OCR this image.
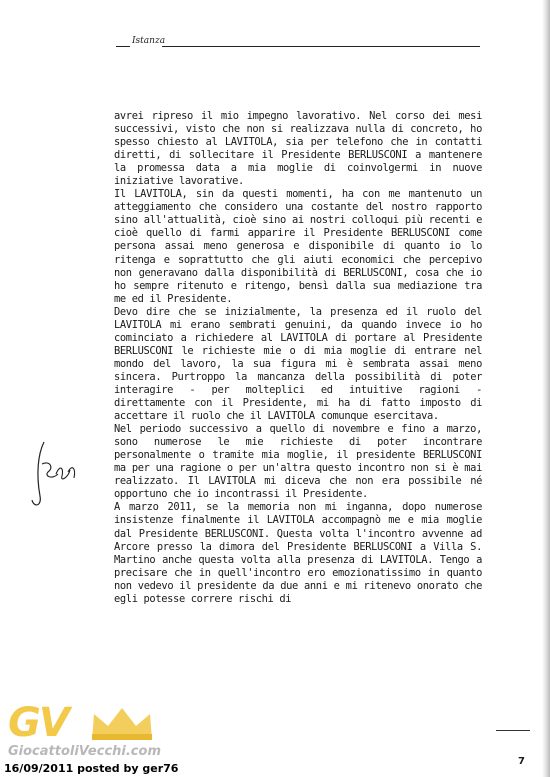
Istanza

avrei ripreso il mio impegno lavorativo. Nel corso dei mesi successivi, visto che non si realizzava nulla di concreto, ho spesso chiesto al LAVITOLA, sia per telefono che in contatti diretti, di sollecitare il Presidente BERLUSCONI a mantenere la promessa data a mia moglie di coinvolgermi in nuove iniziative lavorative.

Il LAVITOLA, sin da questi momenti, ha con me mantenuto un atteggiamento che considero una costante del nostro rapporto sino all'attualità, cioè sino ai nostri colloqui più recenti e cioè quello di farmi apparire il Presidente BERLUSCONI come persona assai meno generosa e disponibile di quanto io lo ritenga e soprattutto che gli aiuti economici che percepivo non generavano dalla disponibilità di BERLUSCONI, cosa che io ho sempre ritenuto e ritengo, bensì dalla sua mediazione tra me ed il Presidente.

Devo dire che se inizialmente, la presenza ed il ruolo del LAVITOLA mi erano sembrati genuini, da quando invece io ho cominciato a richiedere al LAVITOLA di portare al Presidente BERLUSCONI le richieste mie o di mia moglie di entrare nel mondo del lavoro, la sua figura mi è sembrata assai meno sincera. Purtroppo la mancanza della possibilità di poter interagire - per molteplici ed intuitive ragioni - direttamente con il Presidente, mi ha di fatto imposto di accettare il ruolo che il LAVITOLA comunque esercitava.

Nel periodo successivo a quello di novembre e fino a marzo, sono numerose le mie richieste di poter incontrare personalmente o tramite mia moglie, il presidente BERLUSCONI ma per una ragione o per un'altra questo incontro non si è mai realizzato. Il LAVITOLA mi diceva che non era possibile né opportuno che io incontrassi il Presidente.

A marzo 2011, se la memoria non mi inganna, dopo numerose insistenze finalmente il LAVITOLA accompagnò me e mia moglie dal Presidente BERLUSCONI. Questa volta l'incontro avvenne ad Arcore presso la dimora del Presidente BERLUSCONI a Villa S. Martino anche questa volta alla presenza di LAVITOLA. Tengo a precisare che in quell'incontro ero emozionatissimo in quanto non vedevo il presidente da due anni e mi ritenevo onorato che egli potesse correre rischi di

7
GV
GiocattoliVecchi.com
16/09/2011 posted by ger76
